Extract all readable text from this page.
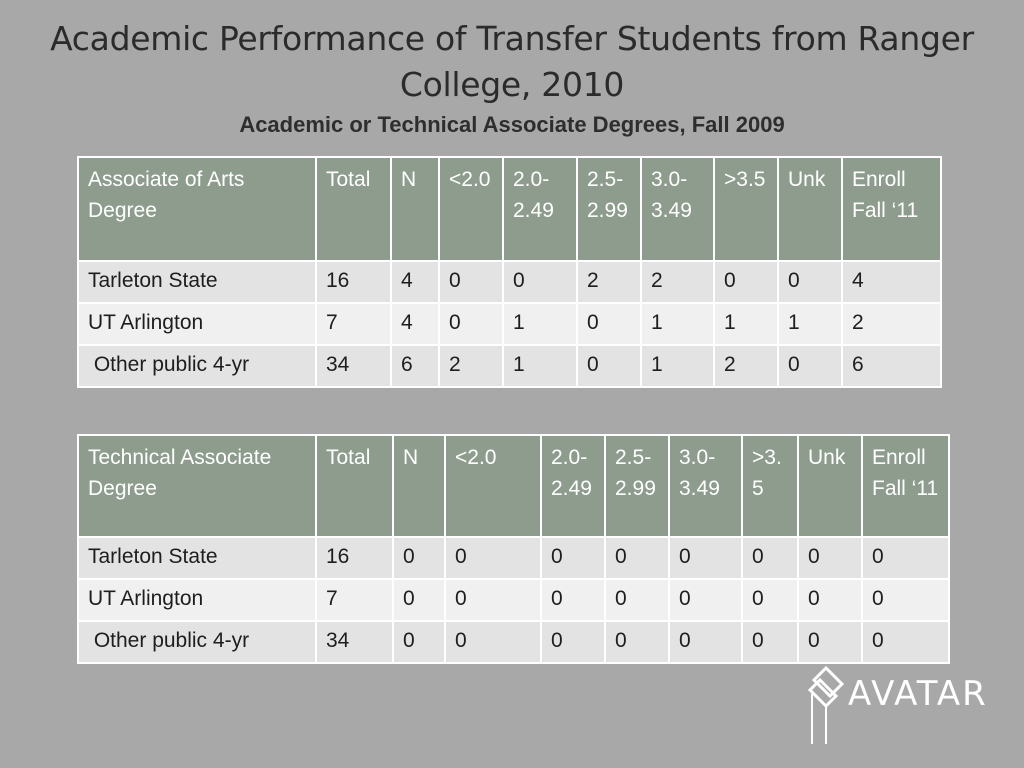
Academic Performance of Transfer Students from Ranger College, 2010
Academic or Technical Associate Degrees, Fall 2009
Associate of Arts Degree	Total	N	<2.0	2.0-2.49	2.5-2.99	3.0-3.49	>3.5	Unk	Enroll Fall ‘11
Tarleton State	16	4	0	0	2	2	0	0	4
UT Arlington	7	4	0	1	0	1	1	1	2
Other public 4-yr	34	6	2	1	0	1	2	0	6
Technical Associate Degree	Total	N	<2.0	2.0-2.49	2.5-2.99	3.0-3.49	>3.5	Unk	Enroll Fall ‘11
Tarleton State	16	0	0	0	0	0	0	0	0
UT Arlington	7	0	0	0	0	0	0	0	0
Other public 4-yr	34	0	0	0	0	0	0	0	0
AVATAR
